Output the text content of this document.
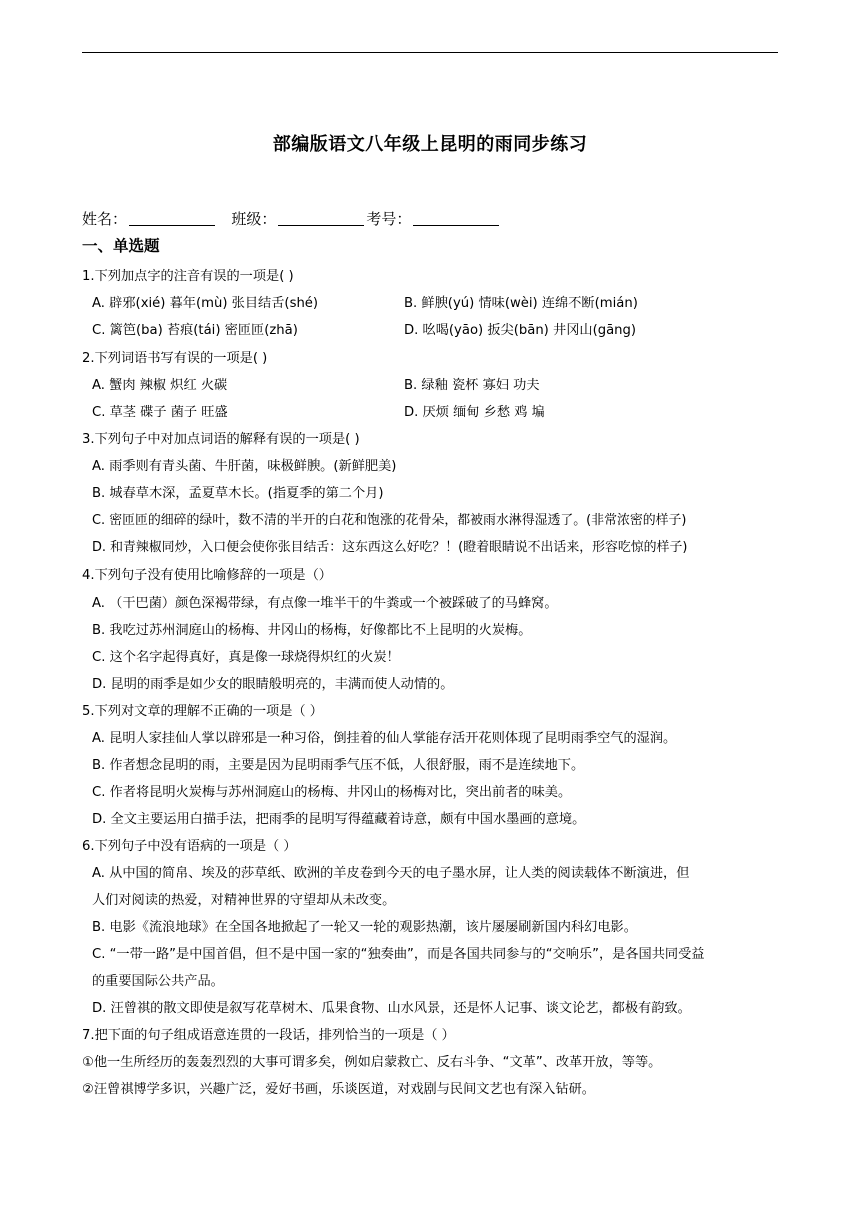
部编版语文八年级上昆明的雨同步练习
姓名：	班级：	考号：
一、单选题
1.下列加点字的注音有误的一项是( )
A. 辟邪(xié) 暮年(mù) 张目结舌(shé)	B. 鲜腴(yú) 情味(wèi) 连绵不断(mián)
C. 篱笆(ba) 苔痕(tái) 密匝匝(zhā)	D. 吆喝(yāo) 扳尖(bān) 井冈山(gāng)
2.下列词语书写有误的一项是( )
A. 蟹肉 辣椒 炽红 火碳	B. 绿釉 瓷杯 寡妇 功夫
C. 草茎 碟子 菌子 旺盛	D. 厌烦 缅甸 乡愁 鸡 𡎚
3.下列句子中对加点词语的解释有误的一项是( )
A. 雨季则有青头菌、牛肝菌，味极鲜腴。(新鲜肥美)
B. 城春草木深，孟夏草木长。(指夏季的第二个月)
C. 密匝匝的细碎的绿叶，数不清的半开的白花和饱涨的花骨朵，都被雨水淋得湿透了。(非常浓密的样子)
D. 和青辣椒同炒，入口便会使你张目结舌：这东西这么好吃？！(瞪着眼睛说不出话来，形容吃惊的样子)
4.下列句子没有使用比喻修辞的一项是（）
A. （干巴菌）颜色深褐带绿，有点像一堆半干的牛粪或一个被踩破了的马蜂窝。
B. 我吃过苏州洞庭山的杨梅、井冈山的杨梅，好像都比不上昆明的火炭梅。
C. 这个名字起得真好，真是像一球烧得炽红的火炭！
D. 昆明的雨季是如少女的眼睛般明亮的，丰满而使人动情的。
5.下列对文章的理解不正确的一项是（ ）
A. 昆明人家挂仙人掌以辟邪是一种习俗，倒挂着的仙人掌能存活开花则体现了昆明雨季空气的湿润。
B. 作者想念昆明的雨，主要是因为昆明雨季气压不低，人很舒服，雨不是连续地下。
C. 作者将昆明火炭梅与苏州洞庭山的杨梅、井冈山的杨梅对比，突出前者的味美。
D. 全文主要运用白描手法，把雨季的昆明写得蕴藏着诗意，颇有中国水墨画的意境。
6.下列句子中没有语病的一项是（ ）
A. 从中国的简帛、埃及的莎草纸、欧洲的羊皮卷到今天的电子墨水屏，让人类的阅读载体不断演进，但
人们对阅读的热爱，对精神世界的守望却从未改变。
B. 电影《流浪地球》在全国各地掀起了一轮又一轮的观影热潮，该片屡屡刷新国内科幻电影。
C. “一带一路”是中国首倡，但不是中国一家的“独奏曲”，而是各国共同参与的“交响乐”，是各国共同受益
的重要国际公共产品。
D. 汪曾祺的散文即使是叙写花草树木、瓜果食物、山水风景，还是怀人记事、谈文论艺，都极有韵致。
7.把下面的句子组成语意连贯的一段话，排列恰当的一项是（ ）
①他一生所经历的轰轰烈烈的大事可谓多矣，例如启蒙救亡、反右斗争、“文革”、改革开放，等等。
②汪曾祺博学多识，兴趣广泛，爱好书画，乐谈医道，对戏剧与民间文艺也有深入钻研。
